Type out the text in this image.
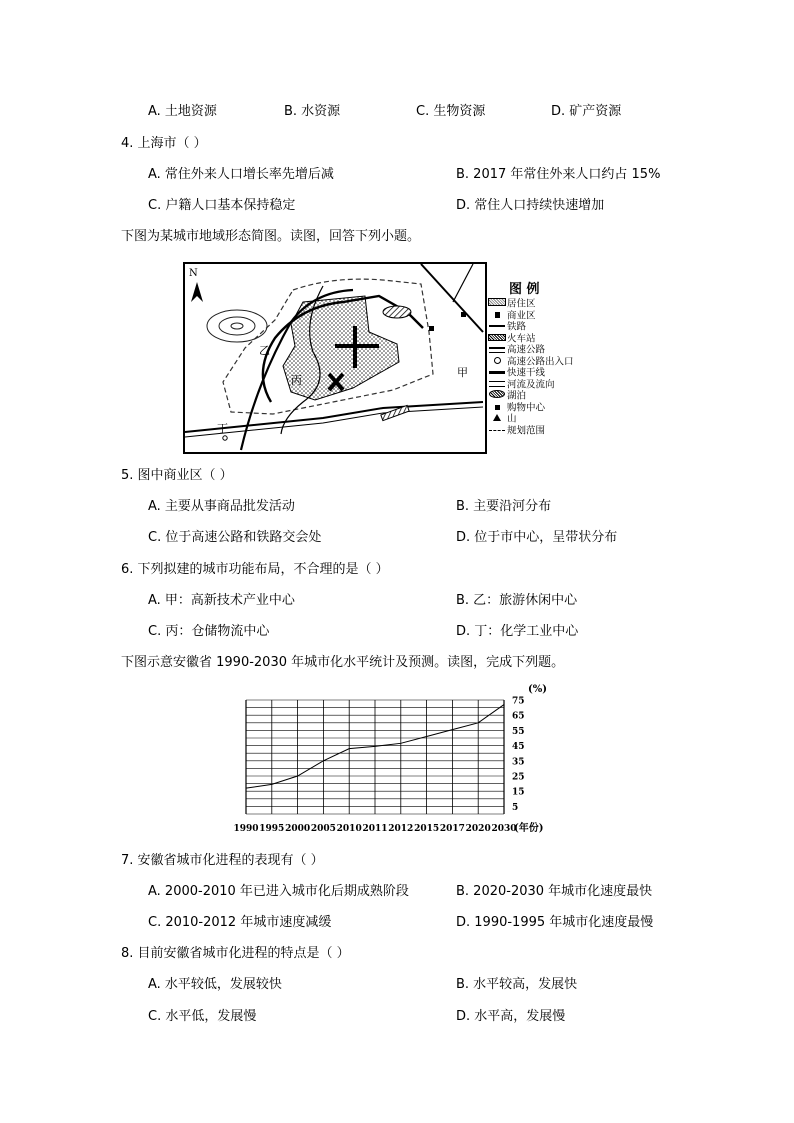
A. 土地资源	B. 水资源	C. 生物资源	D. 矿产资源
4. 上海市（ ）
A. 常住外来人口增长率先增后减	B. 2017 年常住外来人口约占 15%
C. 户籍人口基本保持稳定	D. 常住人口持续快速增加
下图为某城市地域形态简图。读图，回答下列小题。
N
甲
乙
丙
丁
图 例
居住区
商业区
铁路
火车站
高速公路
高速公路出入口
快速干线
河流及流向
湖泊
购物中心
山
规划范围
5. 图中商业区（ ）
A. 主要从事商品批发活动	B. 主要沿河分布
C. 位于高速公路和铁路交会处	D. 位于市中心，呈带状分布
6. 下列拟建的城市功能布局，不合理的是（ ）
A. 甲：高新技术产业中心	B. 乙：旅游休闲中心
C. 丙：仓储物流中心	D. 丁：化学工业中心
下图示意安徽省 1990-2030 年城市化水平统计及预测。读图，完成下列题。
(%)
5
15
25
35
45
55
65
75
1990 1995 2000 2005 2010 2011 2012 2015 2017 2020 2030
(年份)
7. 安徽省城市化进程的表现有（ ）
A. 2000-2010 年已进入城市化后期成熟阶段	B. 2020-2030 年城市化速度最快
C. 2010-2012 年城市速度减缓	D. 1990-1995 年城市化速度最慢
8. 目前安徽省城市化进程的特点是（ ）
A. 水平较低，发展较快	B. 水平较高，发展快
C. 水平低，发展慢	D. 水平高，发展慢
